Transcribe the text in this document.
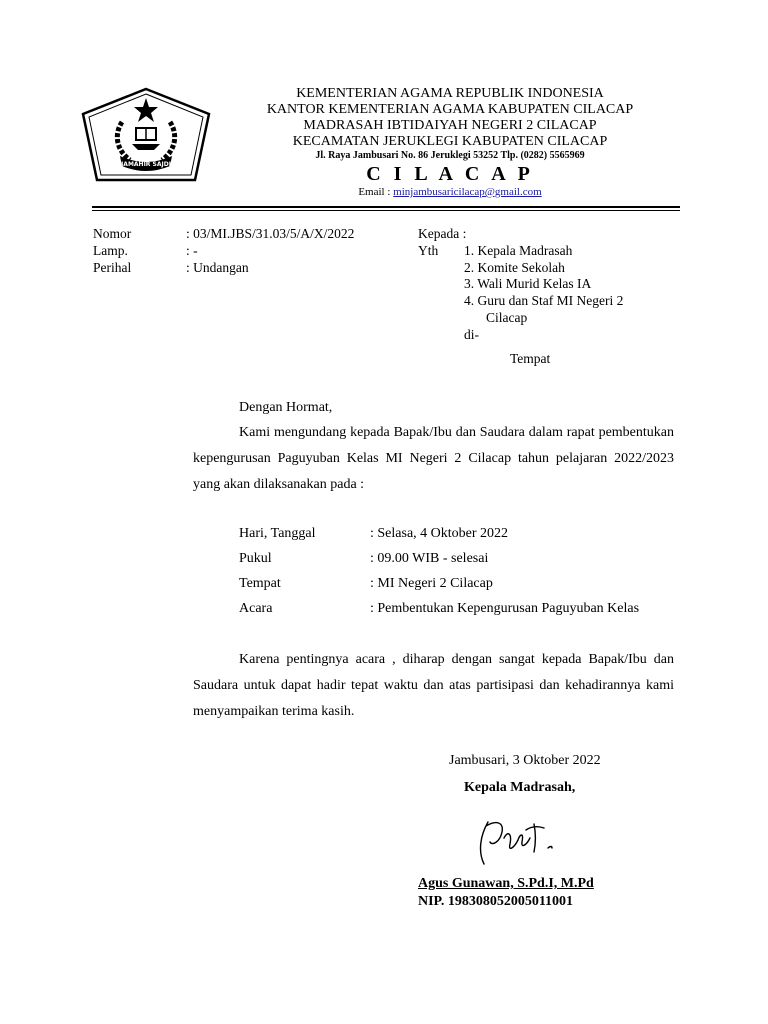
JAMAHIR SAJDI
KEMENTERIAN AGAMA REPUBLIK INDONESIA
KANTOR KEMENTERIAN AGAMA KABUPATEN CILACAP
MADRASAH IBTIDAIYAH NEGERI 2 CILACAP
KECAMATAN JERUKLEGI KABUPATEN CILACAP
Jl. Raya Jambusari No. 86 Jeruklegi 53252 Tlp. (0282) 5565969
C I L A C A P
Email : minjambusaricilacap@gmail.com
Nomor	: 03/MI.JBS/31.03/5/A/X/2022
Lamp.	: -
Perihal	: Undangan
Kepada :
Yth 1. Kepala Madrasah
2. Komite Sekolah
3. Wali Murid Kelas IA
4. Guru dan Staf MI Negeri 2
Cilacap
di-
Tempat
Dengan Hormat,

Kami mengundang kepada Bapak/Ibu dan Saudara dalam rapat pembentukan kepengurusan Paguyuban Kelas MI Negeri 2 Cilacap tahun pelajaran 2022/2023 yang akan dilaksanakan pada :

Hari, Tanggal	: Selasa, 4 Oktober 2022
Pukul	: 09.00 WIB - selesai
Tempat	: MI Negeri 2 Cilacap
Acara	: Pembentukan Kepengurusan Paguyuban Kelas

Karena pentingnya acara , diharap dengan sangat kepada Bapak/Ibu dan Saudara untuk dapat hadir tepat waktu dan atas partisipasi dan kehadirannya kami menyampaikan terima kasih.

Jambusari, 3 Oktober 2022
Kepala Madrasah,
Agus Gunawan, S.Pd.I, M.Pd
NIP. 198308052005011001
